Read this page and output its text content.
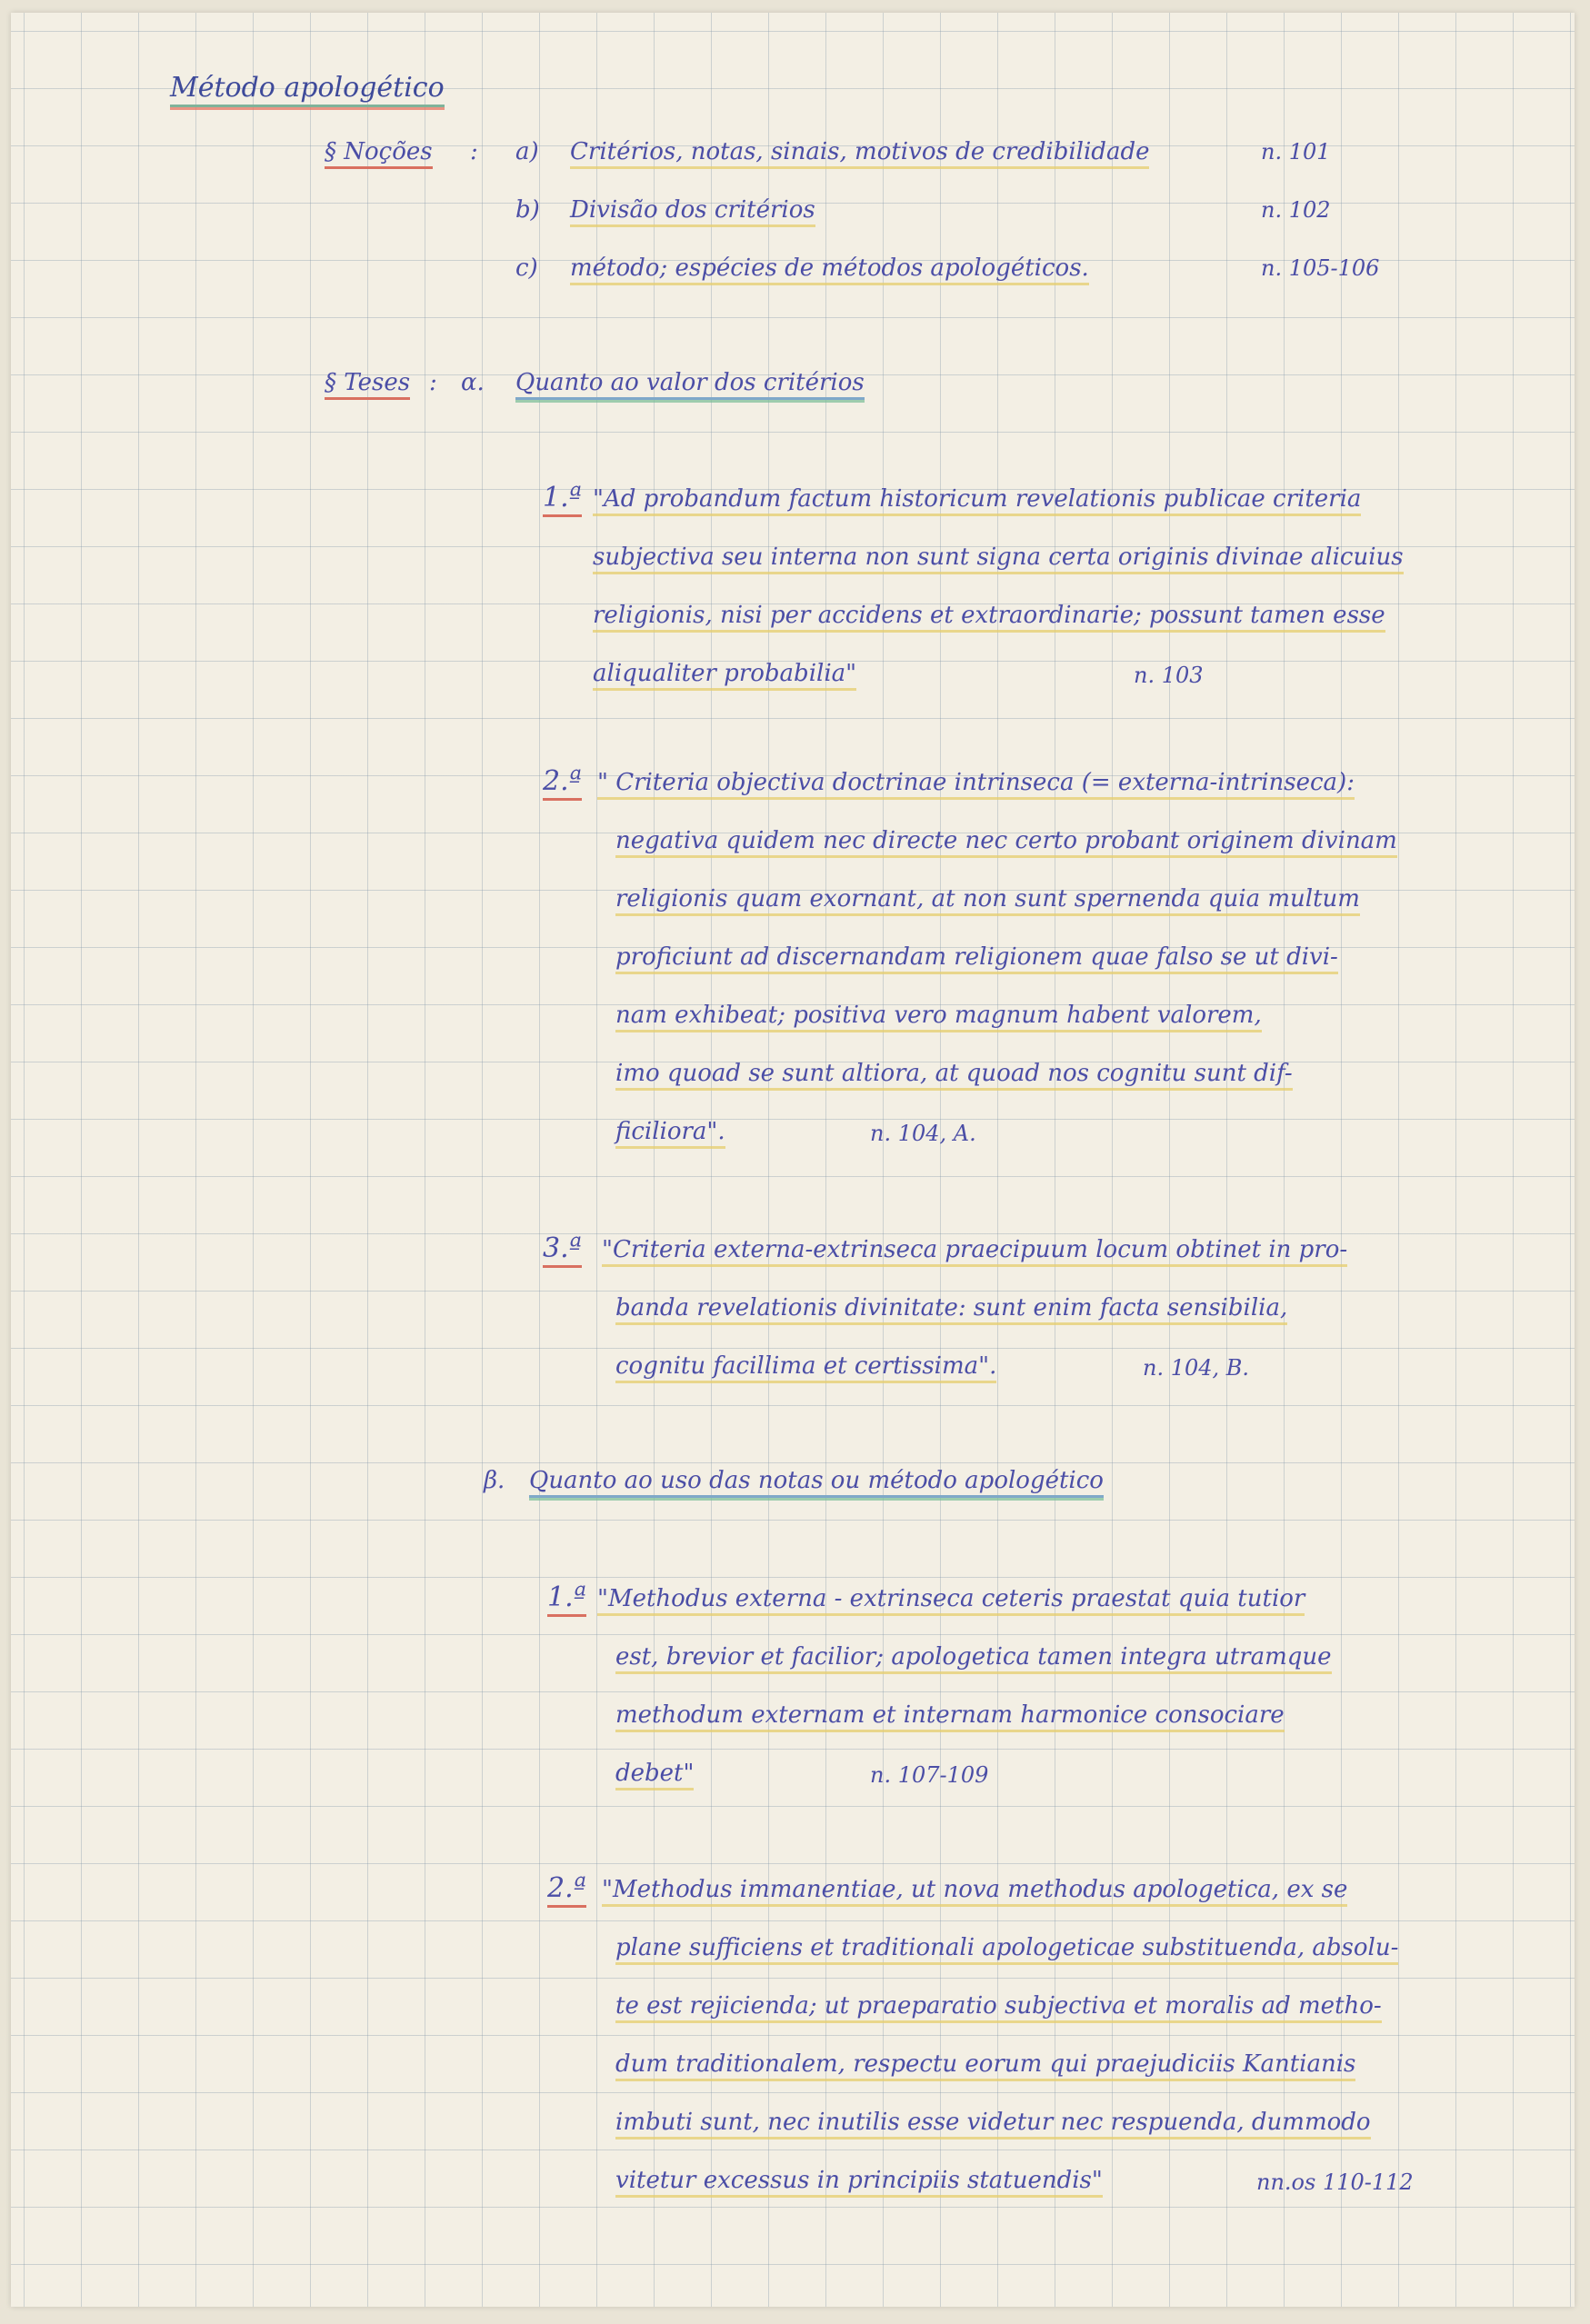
Método apologético
§ Noções : a) Critérios, notas, sinais, motivos de credibilidade	n. 101
b) Divisão dos critérios	n. 102
c) método; espécies de métodos apologéticos.	n. 105-106
§ Teses : α. Quanto ao valor dos critérios
1.ª "Ad probandum factum historicum revelationis publicae criteria
subjectiva seu interna non sunt signa certa originis divinae alicuius
religionis, nisi per accidens et extraordinarie; possunt tamen esse
aliqualiter probabilia"	n. 103
2.ª " Criteria objectiva doctrinae intrinseca (= externa-intrinseca):
negativa quidem nec directe nec certo probant originem divinam
religionis quam exornant, at non sunt spernenda quia multum
proficiunt ad discernandam religionem quae falso se ut divi-
nam exhibeat; positiva vero magnum habent valorem,
imo quoad se sunt altiora, at quoad nos cognitu sunt dif-
ficiliora".	n. 104, A.
3.ª "Criteria externa-extrinseca praecipuum locum obtinet in pro-
banda revelationis divinitate: sunt enim facta sensibilia,
cognitu facillima et certissima".	n. 104, B.
β. Quanto ao uso das notas ou método apologético
1.ª "Methodus externa - extrinseca ceteris praestat quia tutior
est, brevior et facilior; apologetica tamen integra utramque
methodum externam et internam harmonice consociare
debet"	n. 107-109
2.ª "Methodus immanentiae, ut nova methodus apologetica, ex se
plane sufficiens et traditionali apologeticae substituenda, absolu-
te est rejicienda; ut praeparatio subjectiva et moralis ad metho-
dum traditionalem, respectu eorum qui praejudiciis Kantianis
imbuti sunt, nec inutilis esse videtur nec respuenda, dummodo
vitetur excessus in principiis statuendis"	nn.os 110-112
